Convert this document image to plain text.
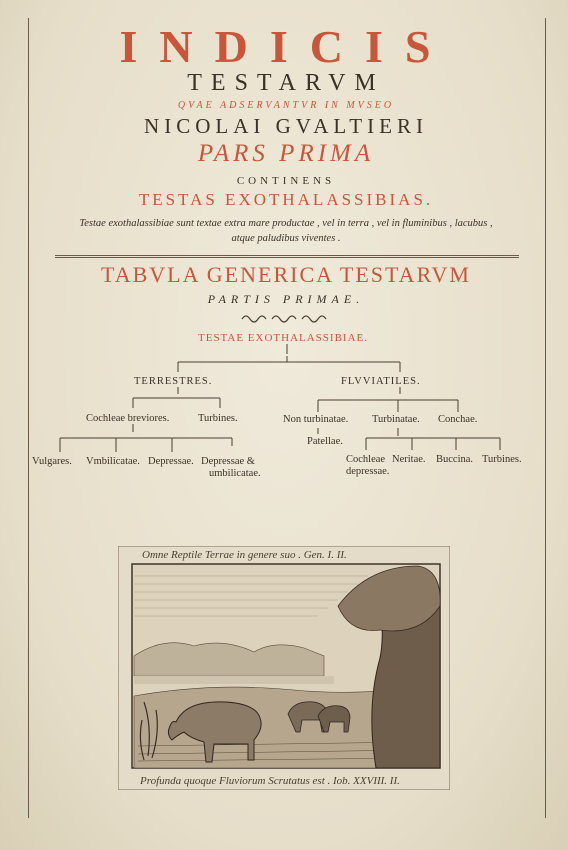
INDICIS
TESTARVM
QVAE ADSERVANTVR IN MVSEO
NICOLAI GVALTIERI
PARS PRIMA
CONTINENS
TESTAS EXOTHALASSIBIAS.
Testae exothalassibiae sunt textae extra mare productae , vel in terra , vel in fluminibus , lacubus ,
atque paludibus viventes .
TABVLA GENERICA TESTARVM
PARTIS PRIMAE.
TESTAE EXOTHALASSIBIAE.
TERRESTRES.	FLVVIATILES.
Cochleae breviores.	Turbines.	Non turbinatae. Turbinatae. Conchae.
Patellae.
Vulgares. Vmbilicatae. Depressae. Depressae &
umbilicatae.
Cochleae
depressae.
Neritae. Buccina. Turbines.
Omne Reptile Terrae in genere suo . Gen. I. II.
Profunda quoque Fluviorum Scrutatus est . Iob. XXVIII. II.
